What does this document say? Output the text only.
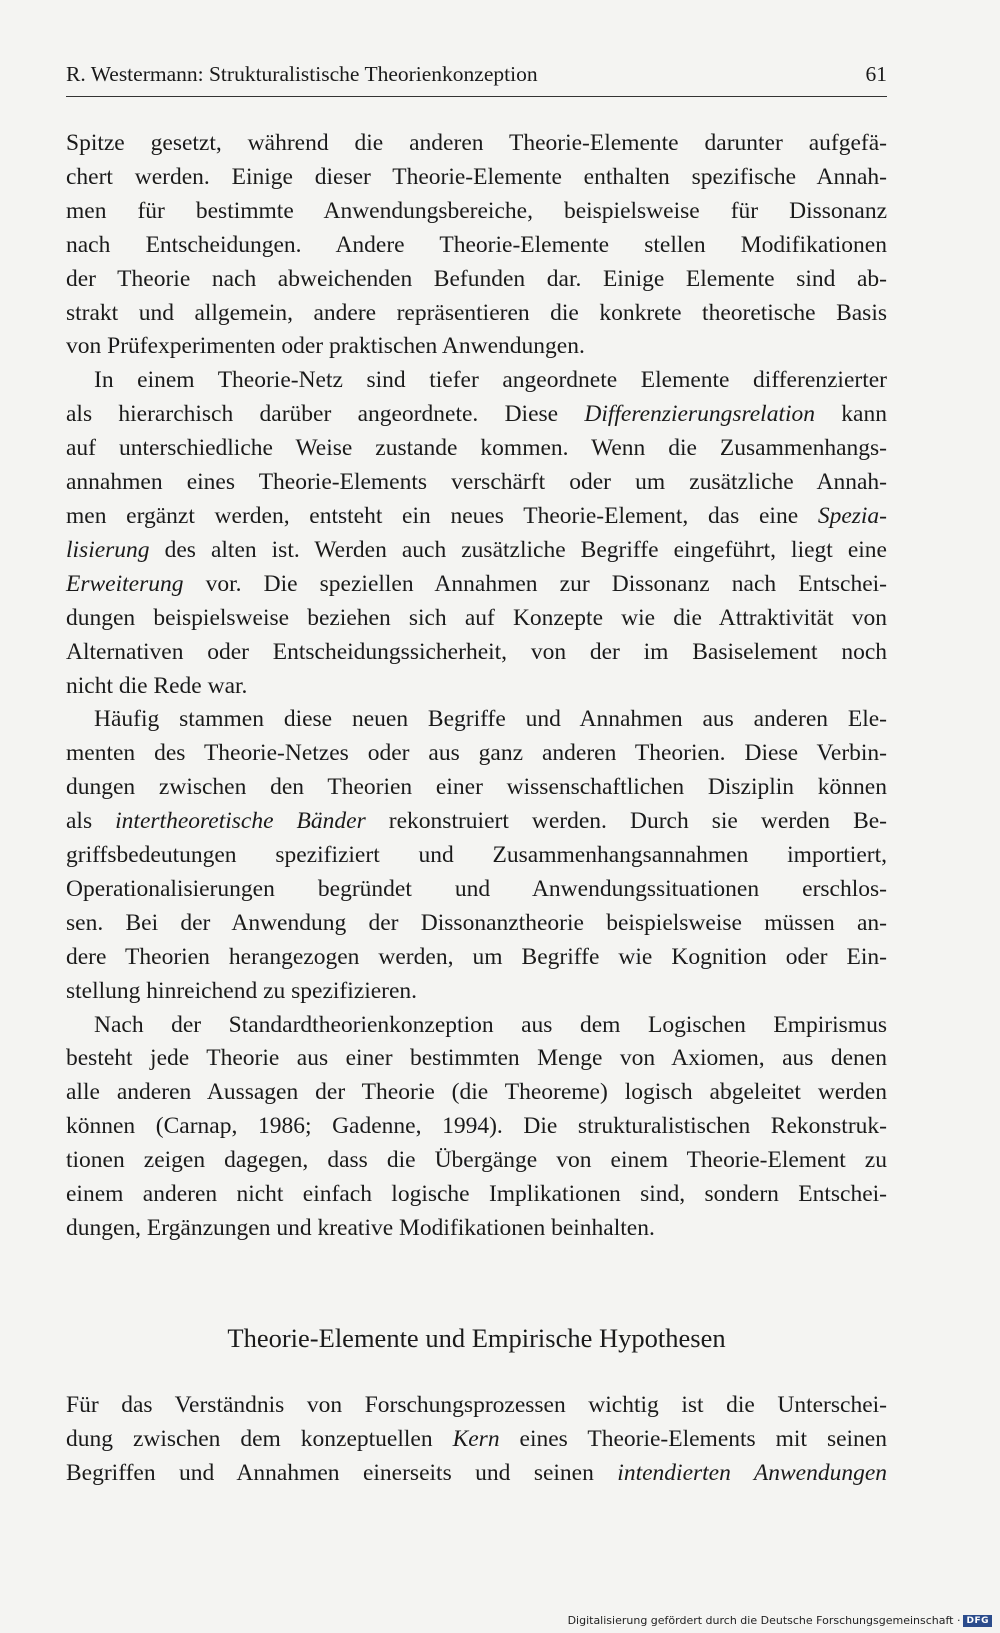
R. Westermann: Strukturalistische Theorienkonzeption	61

Spitze gesetzt, während die anderen Theorie-Elemente darunter aufgefä-
chert werden. Einige dieser Theorie-Elemente enthalten spezifische Annah-
men für bestimmte Anwendungsbereiche, beispielsweise für Dissonanz
nach Entscheidungen. Andere Theorie-Elemente stellen Modifikationen
der Theorie nach abweichenden Befunden dar. Einige Elemente sind ab-
strakt und allgemein, andere repräsentieren die konkrete theoretische Basis
von Prüfexperimenten oder praktischen Anwendungen.

In einem Theorie-Netz sind tiefer angeordnete Elemente differenzierter
als hierarchisch darüber angeordnete. Diese Differenzierungsrelation kann
auf unterschiedliche Weise zustande kommen. Wenn die Zusammenhangs-
annahmen eines Theorie-Elements verschärft oder um zusätzliche Annah-
men ergänzt werden, entsteht ein neues Theorie-Element, das eine Spezia-
lisierung des alten ist. Werden auch zusätzliche Begriffe eingeführt, liegt eine
Erweiterung vor. Die speziellen Annahmen zur Dissonanz nach Entschei-
dungen beispielsweise beziehen sich auf Konzepte wie die Attraktivität von
Alternativen oder Entscheidungssicherheit, von der im Basiselement noch
nicht die Rede war.

Häufig stammen diese neuen Begriffe und Annahmen aus anderen Ele-
menten des Theorie-Netzes oder aus ganz anderen Theorien. Diese Verbin-
dungen zwischen den Theorien einer wissenschaftlichen Disziplin können
als intertheoretische Bänder rekonstruiert werden. Durch sie werden Be-
griffsbedeutungen spezifiziert und Zusammenhangsannahmen importiert,
Operationalisierungen begründet und Anwendungssituationen erschlos-
sen. Bei der Anwendung der Dissonanztheorie beispielsweise müssen an-
dere Theorien herangezogen werden, um Begriffe wie Kognition oder Ein-
stellung hinreichend zu spezifizieren.

Nach der Standardtheorienkonzeption aus dem Logischen Empirismus
besteht jede Theorie aus einer bestimmten Menge von Axiomen, aus denen
alle anderen Aussagen der Theorie (die Theoreme) logisch abgeleitet werden
können (Carnap, 1986; Gadenne, 1994). Die strukturalistischen Rekonstruk-
tionen zeigen dagegen, dass die Übergänge von einem Theorie-Element zu
einem anderen nicht einfach logische Implikationen sind, sondern Entschei-
dungen, Ergänzungen und kreative Modifikationen beinhalten.

Theorie-Elemente und Empirische Hypothesen

Für das Verständnis von Forschungsprozessen wichtig ist die Unterschei-
dung zwischen dem konzeptuellen Kern eines Theorie-Elements mit seinen
Begriffen und Annahmen einerseits und seinen intendierten Anwendungen

Digitalisierung gefördert durch die Deutsche Forschungsgemeinschaft · DFG
